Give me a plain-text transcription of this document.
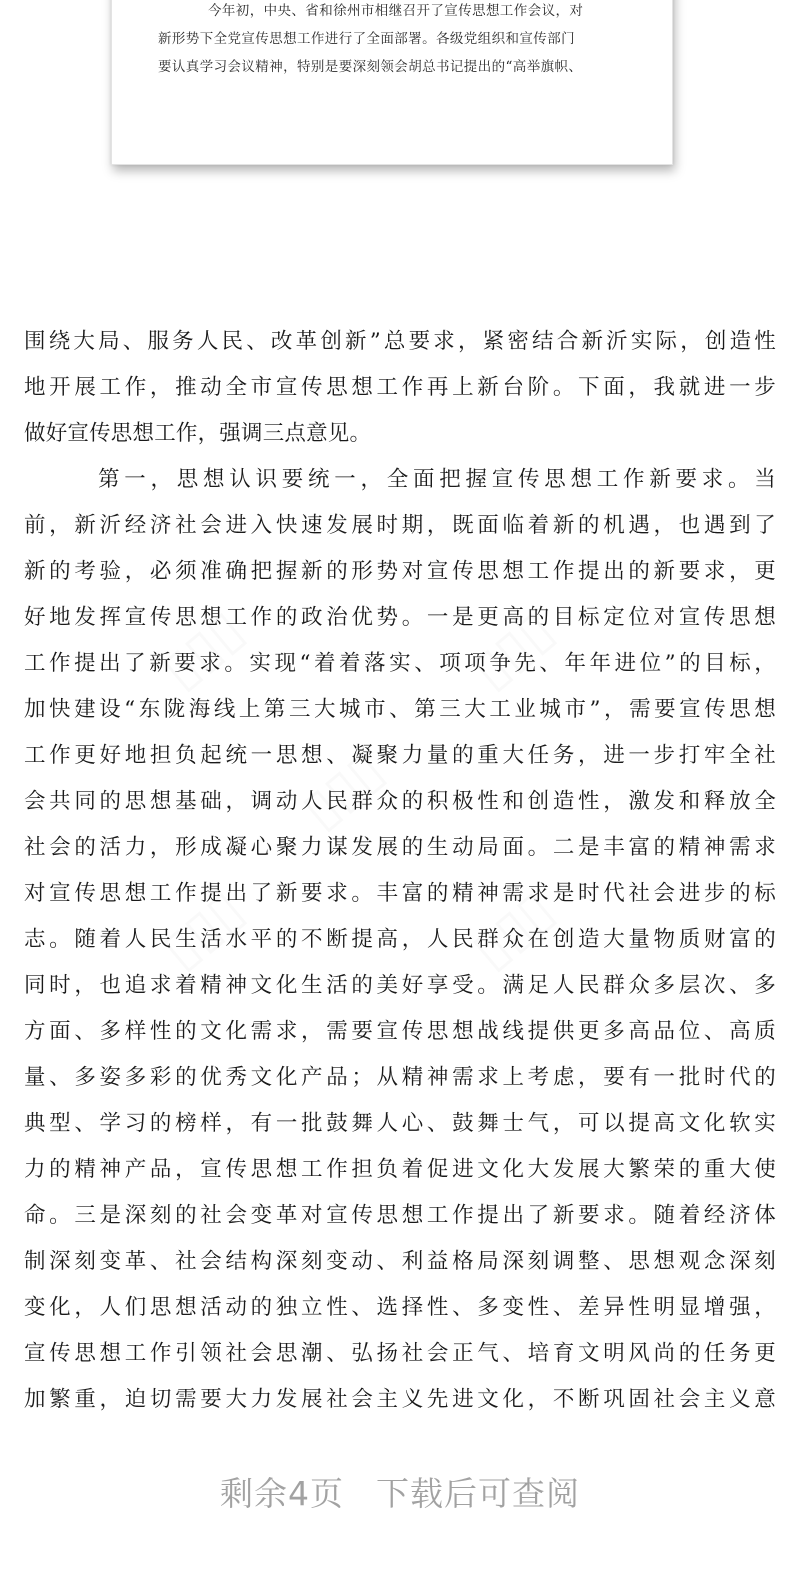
今年初，中央、省和徐州市相继召开了宣传思想工作会议，对
新形势下全党宣传思想工作进行了全面部署。各级党组织和宣传部门
要认真学习会议精神，特别是要深刻领会胡总书记提出的“高举旗帜、
▯▯▯	▯▯▯
▯▯▯
▯▯▯	▯▯▯
围绕大局、服务人民、改革创新”总要求，紧密结合新沂实际，创造性
地开展工作，推动全市宣传思想工作再上新台阶。下面，我就进一步
做好宣传思想工作，强调三点意见。
第一，思想认识要统一，全面把握宣传思想工作新要求。当
前，新沂经济社会进入快速发展时期，既面临着新的机遇，也遇到了
新的考验，必须准确把握新的形势对宣传思想工作提出的新要求，更
好地发挥宣传思想工作的政治优势。一是更高的目标定位对宣传思想
工作提出了新要求。实现“着着落实、项项争先、年年进位”的目标，
加快建设“东陇海线上第三大城市、第三大工业城市”，需要宣传思想
工作更好地担负起统一思想、凝聚力量的重大任务，进一步打牢全社
会共同的思想基础，调动人民群众的积极性和创造性，激发和释放全
社会的活力，形成凝心聚力谋发展的生动局面。二是丰富的精神需求
对宣传思想工作提出了新要求。丰富的精神需求是时代社会进步的标
志。随着人民生活水平的不断提高，人民群众在创造大量物质财富的
同时，也追求着精神文化生活的美好享受。满足人民群众多层次、多
方面、多样性的文化需求，需要宣传思想战线提供更多高品位、高质
量、多姿多彩的优秀文化产品；从精神需求上考虑，要有一批时代的
典型、学习的榜样，有一批鼓舞人心、鼓舞士气，可以提高文化软实
力的精神产品，宣传思想工作担负着促进文化大发展大繁荣的重大使
命。三是深刻的社会变革对宣传思想工作提出了新要求。随着经济体
制深刻变革、社会结构深刻变动、利益格局深刻调整、思想观念深刻
变化，人们思想活动的独立性、选择性、多变性、差异性明显增强，
宣传思想工作引领社会思潮、弘扬社会正气、培育文明风尚的任务更
加繁重，迫切需要大力发展社会主义先进文化，不断巩固社会主义意
剩余4页 下载后可查阅
